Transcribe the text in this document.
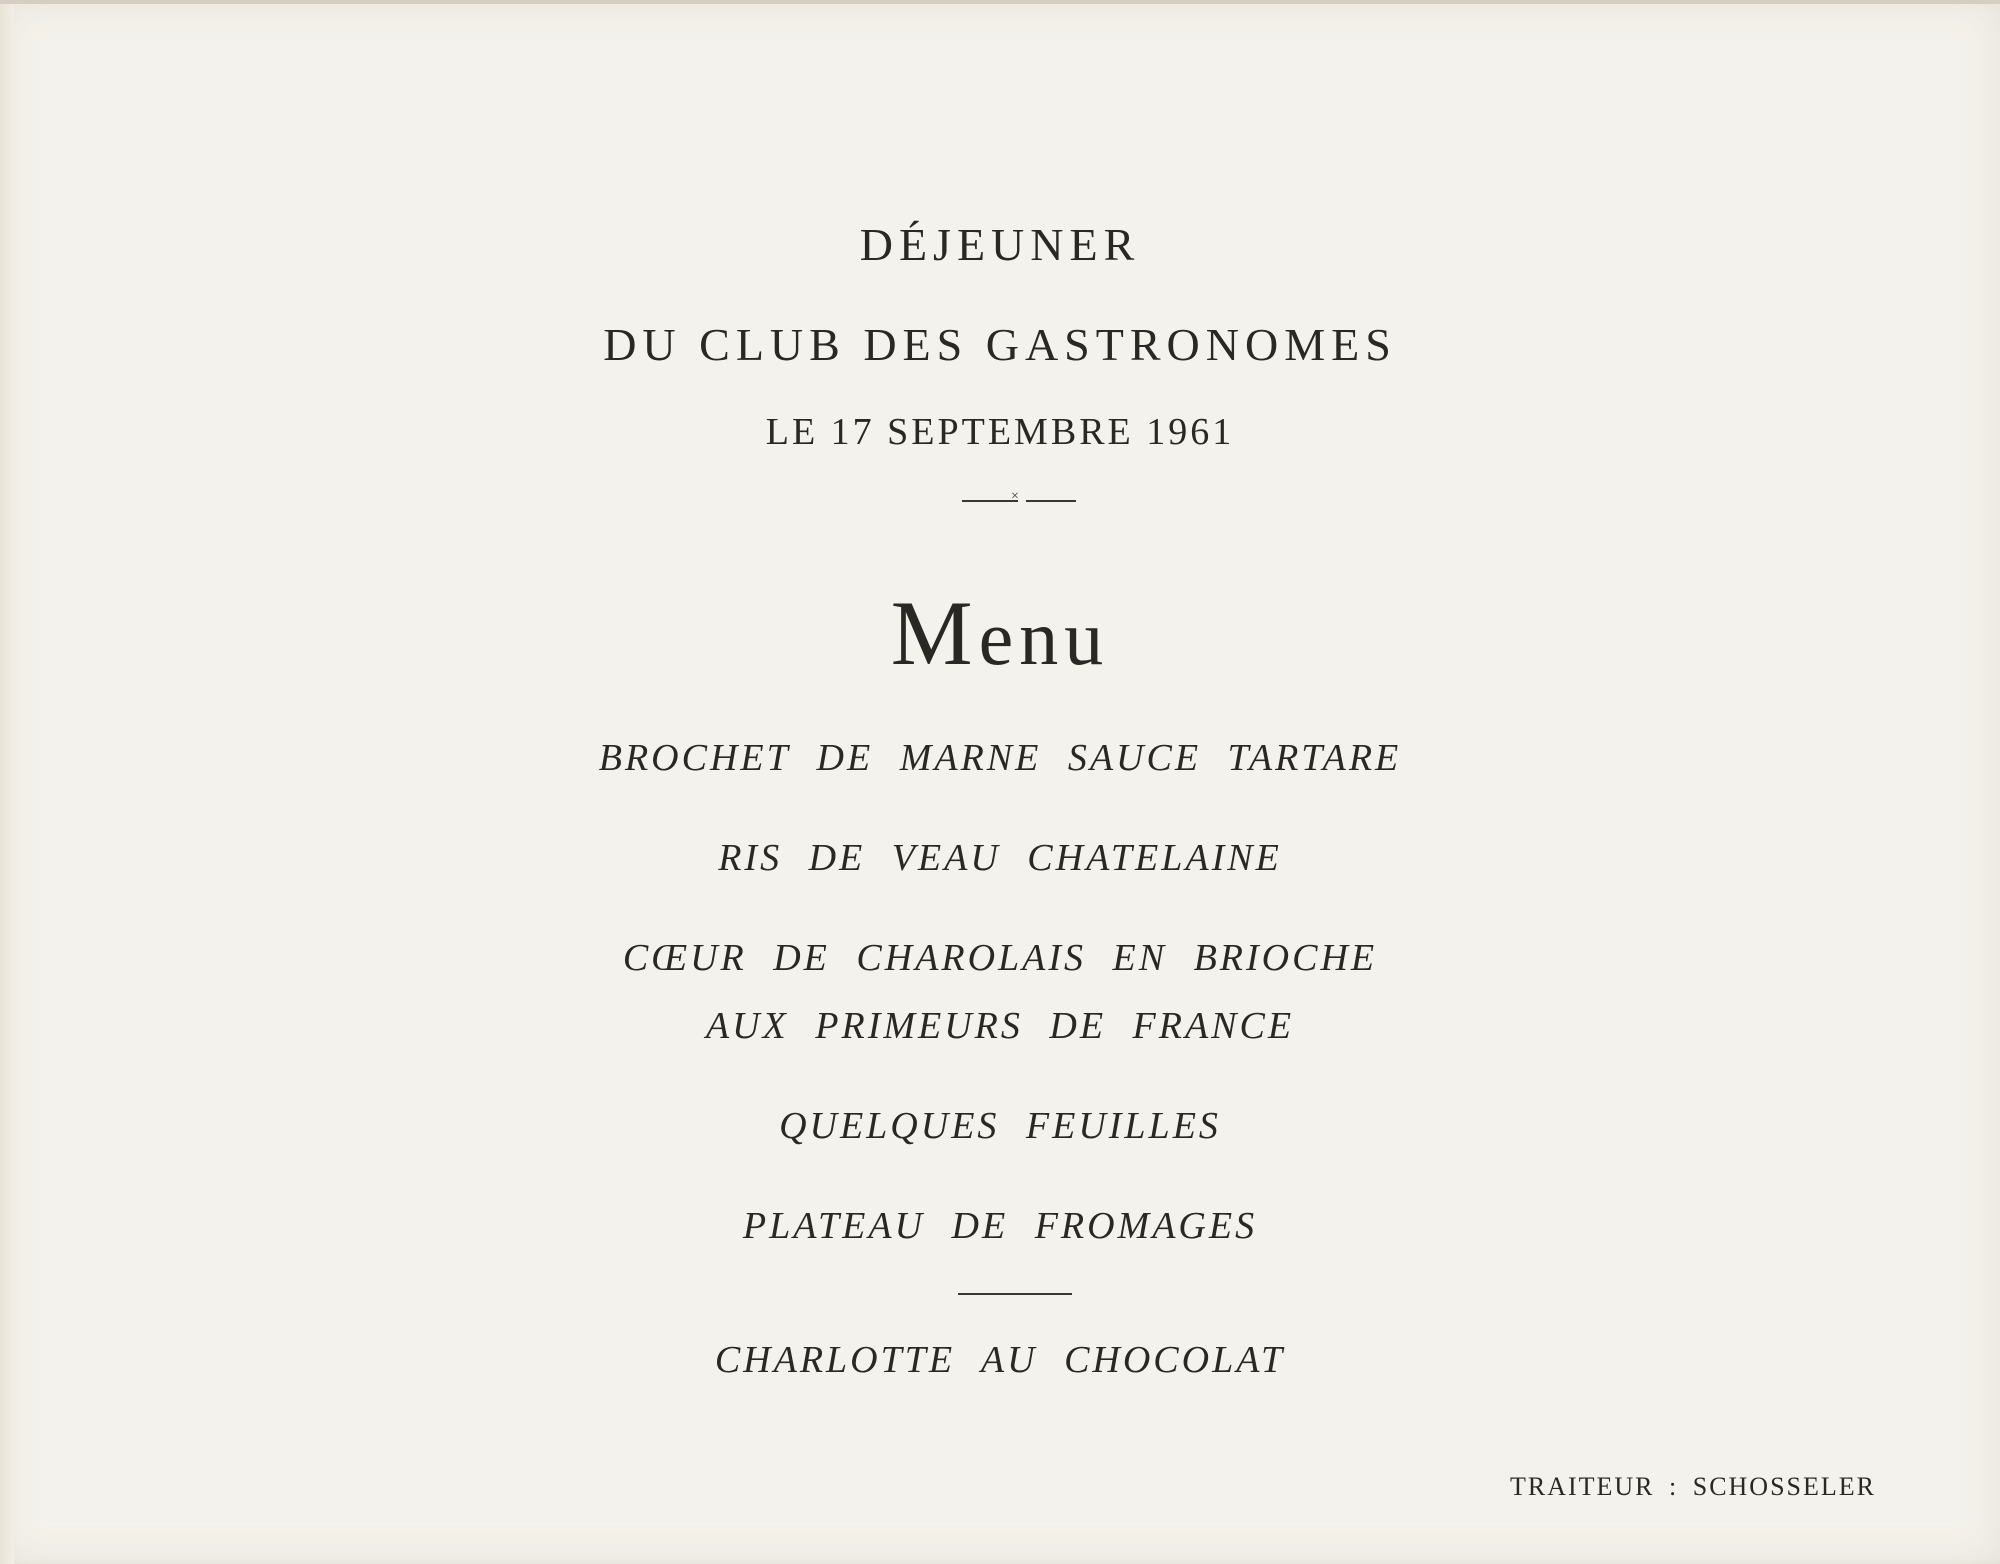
DÉJEUNER
DU CLUB DES GASTRONOMES
LE 17 SEPTEMBRE 1961
×
Menu
BROCHET DE MARNE SAUCE TARTARE
RIS DE VEAU CHATELAINE
CŒUR DE CHAROLAIS EN BRIOCHE
AUX PRIMEURS DE FRANCE
QUELQUES FEUILLES
PLATEAU DE FROMAGES
CHARLOTTE AU CHOCOLAT
TRAITEUR : SCHOSSELER
